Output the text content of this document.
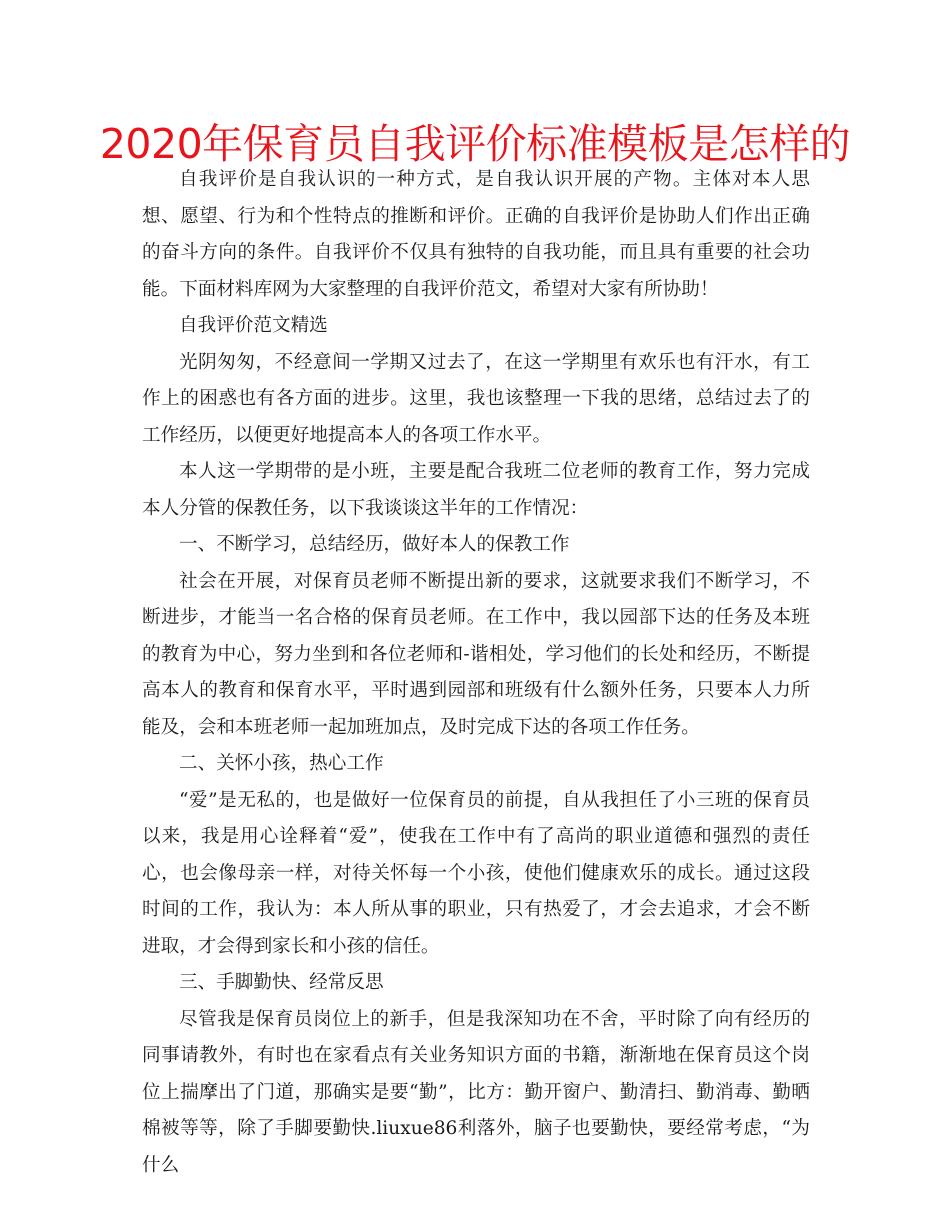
2020年保育员自我评价标准模板是怎样的

自我评价是自我认识的一种方式，是自我认识开展的产物。主体对本人思想、愿望、行为和个性特点的推断和评价。正确的自我评价是协助人们作出正确的奋斗方向的条件。自我评价不仅具有独特的自我功能，而且具有重要的社会功能。下面材料库网为大家整理的自我评价范文，希望对大家有所协助！

自我评价范文精选

光阴匆匆，不经意间一学期又过去了，在这一学期里有欢乐也有汗水，有工作上的困惑也有各方面的进步。这里，我也该整理一下我的思绪，总结过去了的工作经历，以便更好地提高本人的各项工作水平。

本人这一学期带的是小班，主要是配合我班二位老师的教育工作，努力完成本人分管的保教任务，以下我谈谈这半年的工作情况：

一、不断学习，总结经历，做好本人的保教工作

社会在开展，对保育员老师不断提出新的要求，这就要求我们不断学习，不断进步，才能当一名合格的保育员老师。在工作中，我以园部下达的任务及本班的教育为中心，努力坐到和各位老师和-谐相处，学习他们的长处和经历，不断提高本人的教育和保育水平，平时遇到园部和班级有什么额外任务，只要本人力所能及，会和本班老师一起加班加点，及时完成下达的各项工作任务。

二、关怀小孩，热心工作

“爱”是无私的，也是做好一位保育员的前提，自从我担任了小三班的保育员以来，我是用心诠释着“爱”，使我在工作中有了高尚的职业道德和强烈的责任心，也会像母亲一样，对待关怀每一个小孩，使他们健康欢乐的成长。通过这段时间的工作，我认为：本人所从事的职业，只有热爱了，才会去追求，才会不断进取，才会得到家长和小孩的信任。

三、手脚勤快、经常反思

尽管我是保育员岗位上的新手，但是我深知功在不舍，平时除了向有经历的同事请教外，有时也在家看点有关业务知识方面的书籍，渐渐地在保育员这个岗位上揣摩出了门道，那确实是要“勤”，比方：勤开窗户、勤清扫、勤消毒、勤晒棉被等等，除了手脚要勤快.liuxue86利落外，脑子也要勤快，要经常考虑，“为什么
